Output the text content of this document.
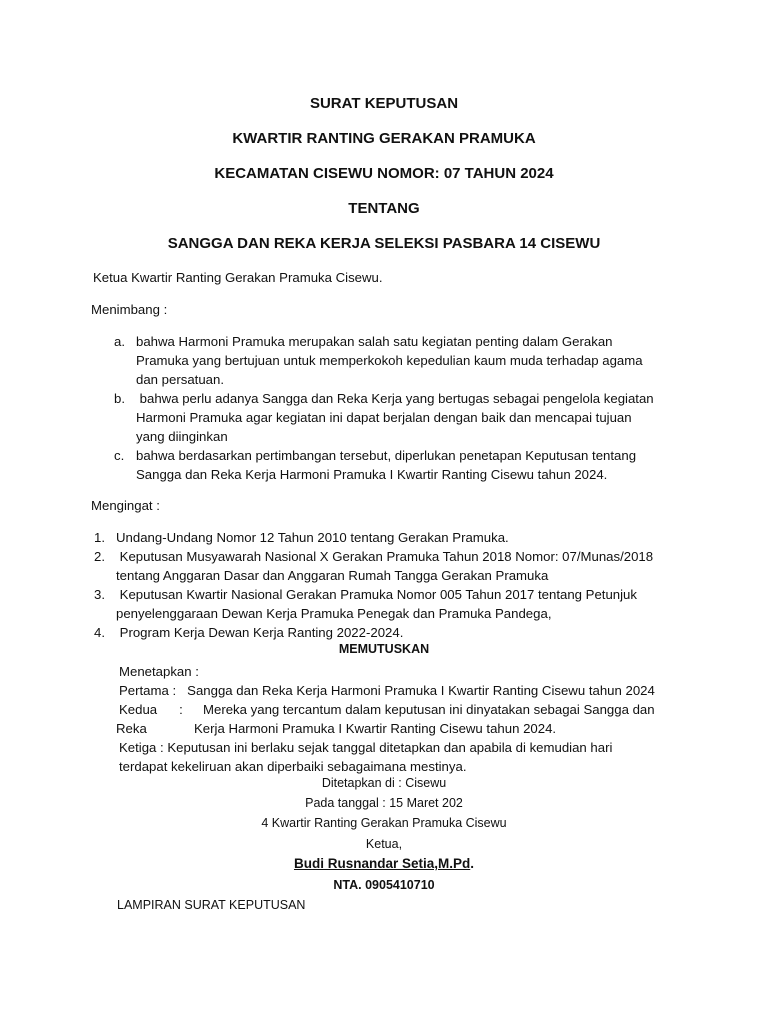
SURAT KEPUTUSAN
KWARTIR RANTING GERAKAN PRAMUKA
KECAMATAN CISEWU NOMOR: 07 TAHUN 2024
TENTANG
SANGGA DAN REKA KERJA SELEKSI PASBARA 14 CISEWU
Ketua Kwartir Ranting Gerakan Pramuka Cisewu.
Menimbang :
a. bahwa Harmoni Pramuka merupakan salah satu kegiatan penting dalam Gerakan
Pramuka yang bertujuan untuk memperkokoh kepedulian kaum muda terhadap agama
dan persatuan.
b. bahwa perlu adanya Sangga dan Reka Kerja yang bertugas sebagai pengelola kegiatan
Harmoni Pramuka agar kegiatan ini dapat berjalan dengan baik dan mencapai tujuan
yang diinginkan
c. bahwa berdasarkan pertimbangan tersebut, diperlukan penetapan Keputusan tentang
Sangga dan Reka Kerja Harmoni Pramuka I Kwartir Ranting Cisewu tahun 2024.
Mengingat :
1. Undang-Undang Nomor 12 Tahun 2010 tentang Gerakan Pramuka.
2. Keputusan Musyawarah Nasional X Gerakan Pramuka Tahun 2018 Nomor: 07/Munas/2018
tentang Anggaran Dasar dan Anggaran Rumah Tangga Gerakan Pramuka
3. Keputusan Kwartir Nasional Gerakan Pramuka Nomor 005 Tahun 2017 tentang Petunjuk
penyelenggaraan Dewan Kerja Pramuka Penegak dan Pramuka Pandega,
4. Program Kerja Dewan Kerja Ranting 2022-2024.
MEMUTUSKAN
Menetapkan :
Pertama :   Sangga dan Reka Kerja Harmoni Pramuka I Kwartir Ranting Cisewu tahun 2024
Kedua      : Mereka yang tercantum dalam keputusan ini dinyatakan sebagai Sangga dan
Reka	Kerja Harmoni Pramuka I Kwartir Ranting Cisewu tahun 2024.
Ketiga : Keputusan ini berlaku sejak tanggal ditetapkan dan apabila di kemudian hari
terdapat kekeliruan akan diperbaiki sebagaimana mestinya.
Ditetapkan di : Cisewu
Pada tanggal : 15 Maret 202
4 Kwartir Ranting Gerakan Pramuka Cisewu
Ketua,
Budi Rusnandar Setia,M.Pd.
NTA. 0905410710
LAMPIRAN SURAT KEPUTUSAN
